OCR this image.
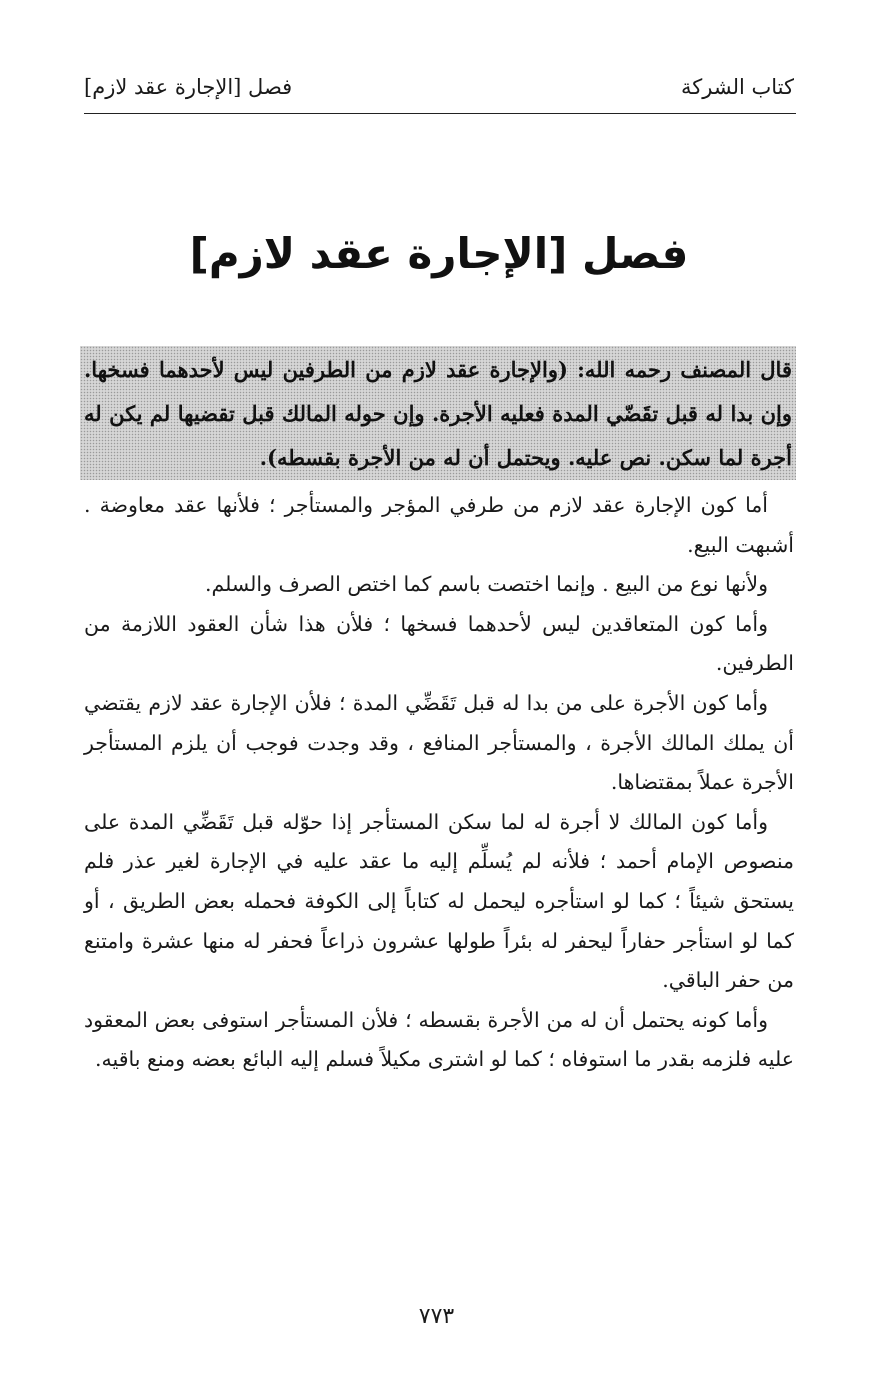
كتاب الشركة
فصل [الإجارة عقد لازم]
فصل [الإجارة عقد لازم]
قال المصنف رحمه الله: (والإجارة عقد لازم من الطرفين ليس لأحدهما فسخها. وإن بدا له قبل تقَضّي المدة فعليه الأجرة. وإن حوله المالك قبل تقضيها لم يكن له أجرة لما سكن. نص عليه. ويحتمل أن له من الأجرة بقسطه).

أما كون الإجارة عقد لازم من طرفي المؤجر والمستأجر ؛ فلأنها عقد معاوضة . أشبهت البيع.

ولأنها نوع من البيع . وإنما اختصت باسم كما اختص الصرف والسلم.

وأما كون المتعاقدين ليس لأحدهما فسخها ؛ فلأن هذا شأن العقود اللازمة من الطرفين.

وأما كون الأجرة على من بدا له قبل تَقَضِّي المدة ؛ فلأن الإجارة عقد لازم يقتضي أن يملك المالك الأجرة ، والمستأجر المنافع ، وقد وجدت فوجب أن يلزم المستأجر الأجرة عملاً بمقتضاها.

وأما كون المالك لا أجرة له لما سكن المستأجر إذا حوّله قبل تَقَضِّي المدة على منصوص الإمام أحمد ؛ فلأنه لم يُسلِّم إليه ما عقد عليه في الإجارة لغير عذر فلم يستحق شيئاً ؛ كما لو استأجره ليحمل له كتاباً إلى الكوفة فحمله بعض الطريق ، أو كما لو استأجر حفاراً ليحفر له بئراً طولها عشرون ذراعاً فحفر له منها عشرة وامتنع من حفر الباقي.

وأما كونه يحتمل أن له من الأجرة بقسطه ؛ فلأن المستأجر استوفى بعض المعقود عليه فلزمه بقدر ما استوفاه ؛ كما لو اشترى مكيلاً فسلم إليه البائع بعضه ومنع باقيه.

٧٧٣
